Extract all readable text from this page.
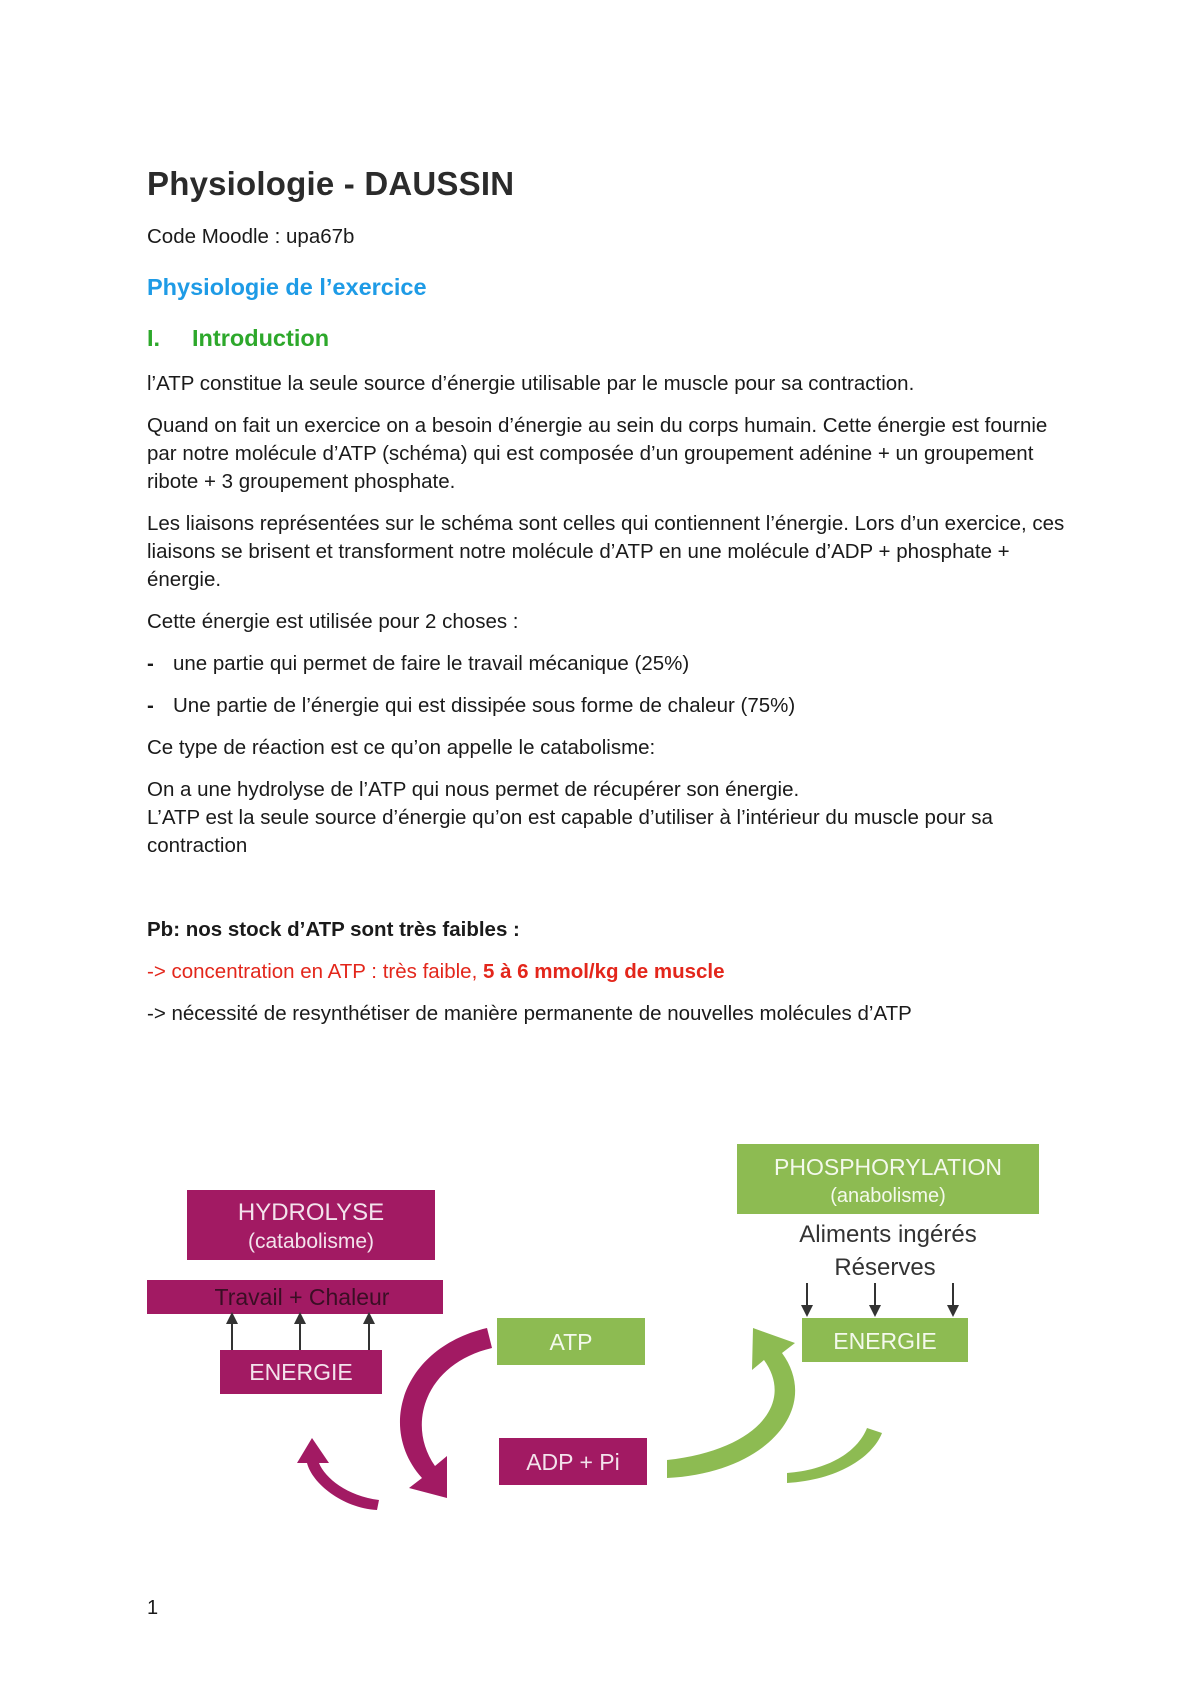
Physiologie - DAUSSIN
Code Moodle : upa67b
Physiologie de l’exercice
I.	Introduction

l’ATP constitue la seule source d’énergie utilisable par le muscle pour sa contraction.

Quand on fait un exercice on a besoin d’énergie au sein du corps humain. Cette énergie est fournie par notre molécule d’ATP (schéma) qui est composée d’un groupement adénine + un groupement ribote + 3 groupement phosphate.

Les liaisons représentées sur le schéma sont celles qui contiennent l’énergie. Lors d’un exercice, ces liaisons se brisent et transforment notre molécule d’ATP en une molécule d’ADP + phosphate + énergie.

Cette énergie est utilisée pour 2 choses :

- une partie qui permet de faire le travail mécanique (25%)
- Une partie de l’énergie qui est dissipée sous forme de chaleur (75%)

Ce type de réaction est ce qu’on appelle le catabolisme:

On a une hydrolyse de l’ATP qui nous permet de récupérer son énergie.

L’ATP est la seule source d’énergie qu’on est capable d’utiliser à l’intérieur du muscle pour sa contraction

Pb: nos stock d’ATP sont très faibles :

-> concentration en ATP : très faible, 5 à 6 mmol/kg de muscle

-> nécessité de resynthétiser de manière permanente de nouvelles molécules d’ATP

HYDROLYSE
(catabolisme)
Travail + Chaleur
ENERGIE
ATP
ADP + Pi
PHOSPHORYLATION
(anabolisme)
Aliments ingérés
Réserves
ENERGIE
1
